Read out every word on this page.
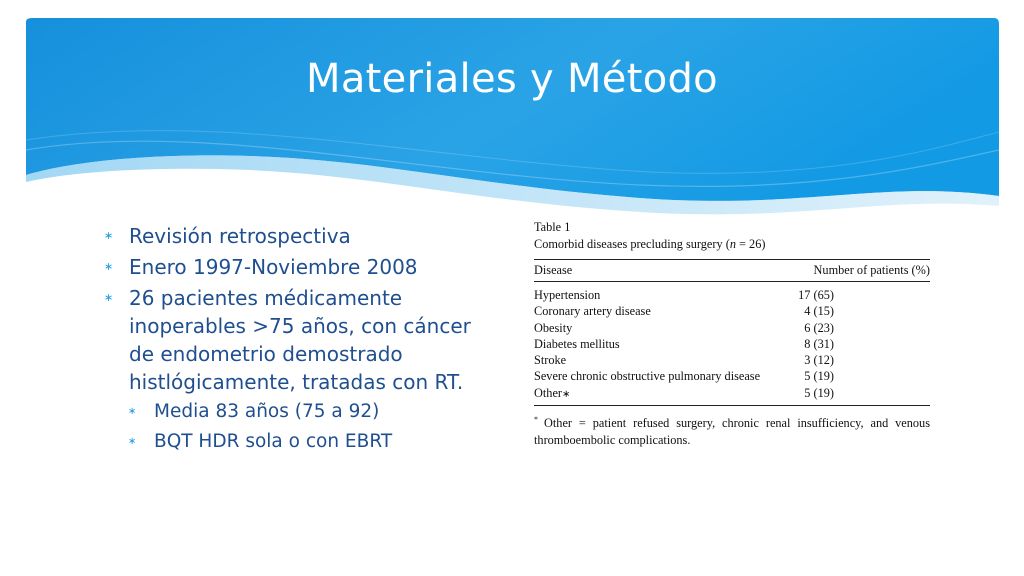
Materiales y Método
∗ Revisión retrospectiva
∗ Enero 1997-Noviembre 2008
∗ 26 pacientes médicamente inoperables >75 años, con cáncer de endometrio demostrado histlógicamente, tratadas con RT.
∗ Media 83 años (75 a 92)
∗ BQT HDR sola o con EBRT
Table 1
Comorbid diseases precluding surgery (n = 26)
Disease	Number of patients (%)
Hypertension	17 (65)
Coronary artery disease	4 (15)
Obesity	6 (23)
Diabetes mellitus	8 (31)
Stroke	3 (12)
Severe chronic obstructive pulmonary disease	5 (19)
Other∗	5 (19)
* Other = patient refused surgery, chronic renal insufficiency, and venous thromboembolic complications.
